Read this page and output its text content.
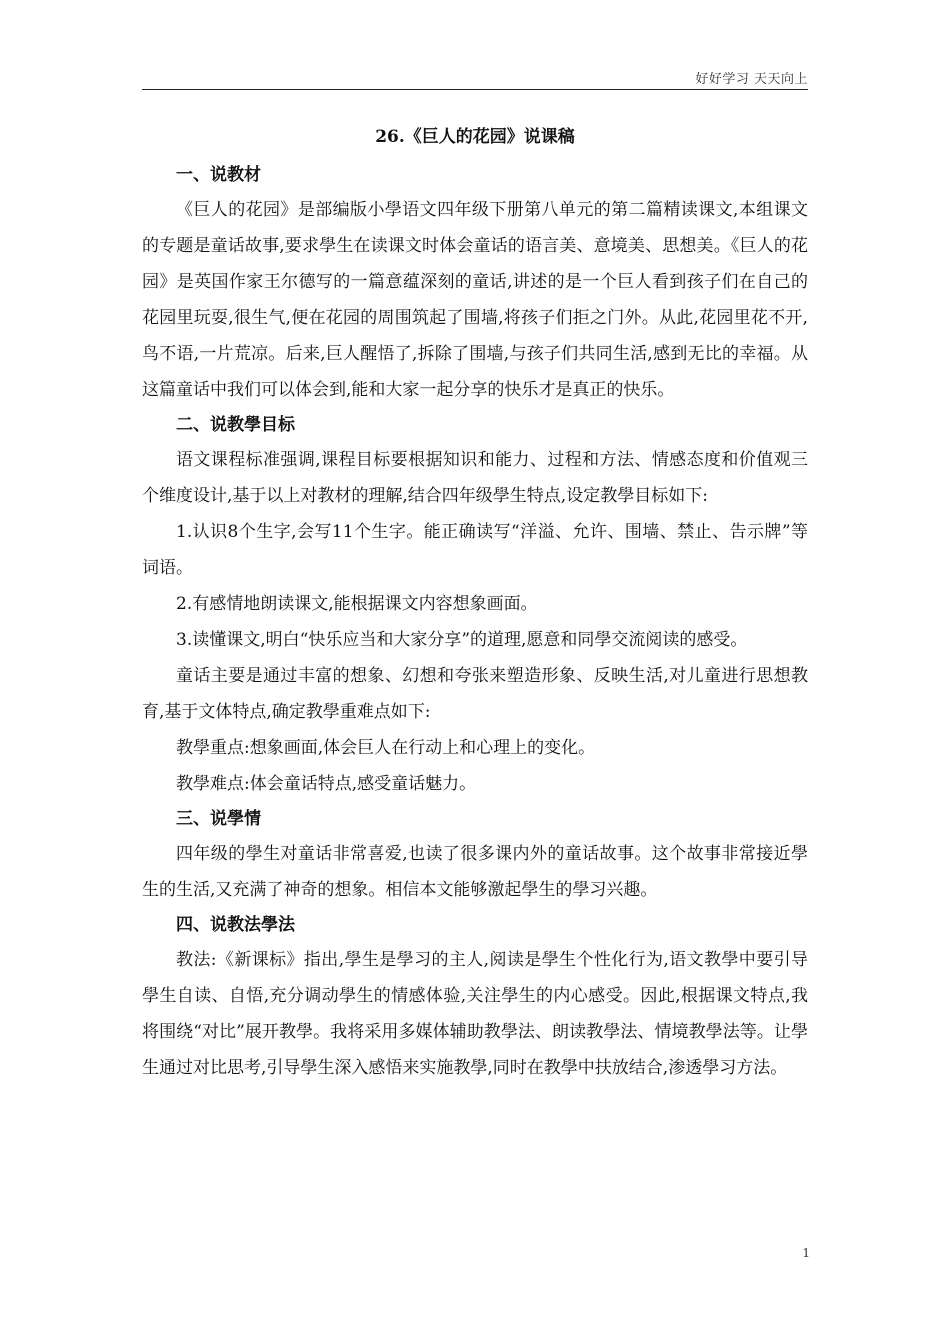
好好学习 天天向上
26.《巨人的花园》说课稿

一、说教材

《巨人的花园》是部编版小學语文四年级下册第八单元的第二篇精读课文,本组课文的专题是童话故事,要求學生在读课文时体会童话的语言美、意境美、思想美。《巨人的花园》是英国作家王尔德写的一篇意蕴深刻的童话,讲述的是一个巨人看到孩子们在自己的花园里玩耍,很生气,便在花园的周围筑起了围墙,将孩子们拒之门外。从此,花园里花不开,鸟不语,一片荒凉。后来,巨人醒悟了,拆除了围墙,与孩子们共同生活,感到无比的幸福。从这篇童话中我们可以体会到,能和大家一起分享的快乐才是真正的快乐。

二、说教學目标

语文课程标准强调,课程目标要根据知识和能力、过程和方法、情感态度和价值观三个维度设计,基于以上对教材的理解,结合四年级學生特点,设定教學目标如下:

1.认识8个生字,会写11个生字。能正确读写“洋溢、允许、围墙、禁止、告示牌”等词语。

2.有感情地朗读课文,能根据课文内容想象画面。

3.读懂课文,明白“快乐应当和大家分享”的道理,愿意和同學交流阅读的感受。

童话主要是通过丰富的想象、幻想和夸张来塑造形象、反映生活,对儿童进行思想教育,基于文体特点,确定教學重难点如下:

教學重点:想象画面,体会巨人在行动上和心理上的变化。

教學难点:体会童话特点,感受童话魅力。

三、说學情

四年级的學生对童话非常喜爱,也读了很多课内外的童话故事。这个故事非常接近學生的生活,又充满了神奇的想象。相信本文能够激起學生的學习兴趣。

四、说教法學法

教法:《新课标》指出,學生是學习的主人,阅读是學生个性化行为,语文教學中要引导學生自读、自悟,充分调动學生的情感体验,关注學生的内心感受。因此,根据课文特点,我将围绕“对比”展开教學。我将采用多媒体辅助教學法、朗读教學法、情境教學法等。让學生通过对比思考,引导學生深入感悟来实施教學,同时在教學中扶放结合,渗透學习方法。

1
